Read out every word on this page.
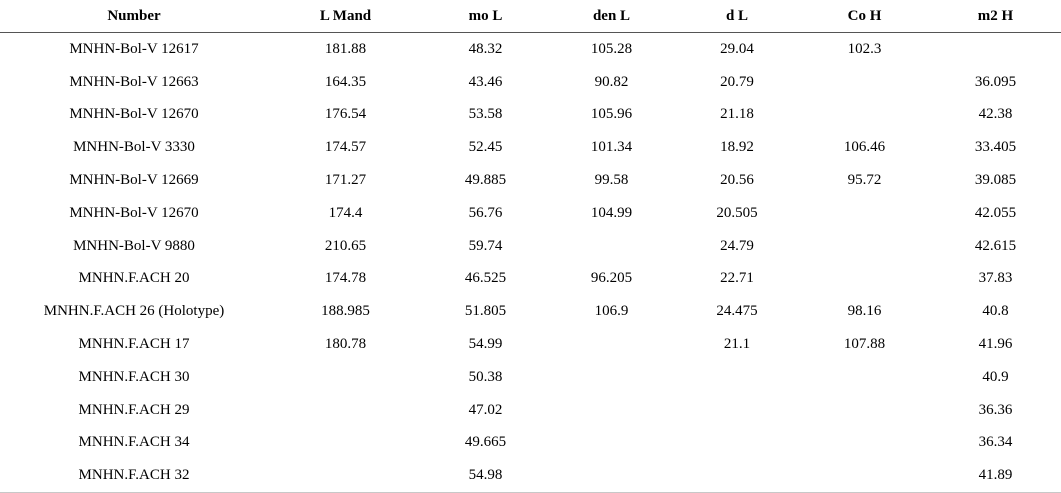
Number	L Mand	mo L	den L	d L	Co H	m2 H
MNHN-Bol-V 12617	181.88	48.32	105.28	29.04	102.3	
MNHN-Bol-V 12663	164.35	43.46	90.82	20.79		36.095
MNHN-Bol-V 12670	176.54	53.58	105.96	21.18		42.38
MNHN-Bol-V 3330	174.57	52.45	101.34	18.92	106.46	33.405
MNHN-Bol-V 12669	171.27	49.885	99.58	20.56	95.72	39.085
MNHN-Bol-V 12670	174.4	56.76	104.99	20.505		42.055
MNHN-Bol-V 9880	210.65	59.74		24.79		42.615
MNHN.F.ACH 20	174.78	46.525	96.205	22.71		37.83
MNHN.F.ACH 26 (Holotype)	188.985	51.805	106.9	24.475	98.16	40.8
MNHN.F.ACH 17	180.78	54.99		21.1	107.88	41.96
MNHN.F.ACH 30		50.38				40.9
MNHN.F.ACH 29		47.02				36.36
MNHN.F.ACH 34		49.665				36.34
MNHN.F.ACH 32		54.98				41.89
